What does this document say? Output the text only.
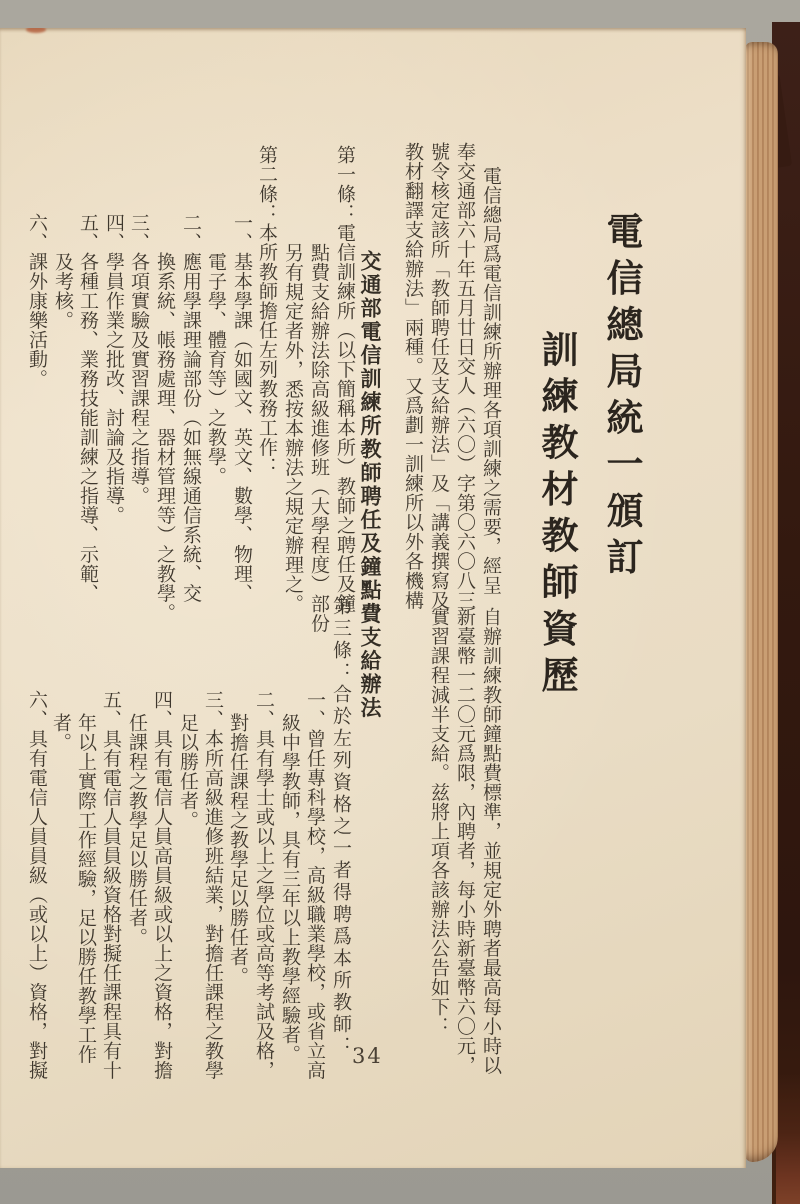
電信總局統一頒訂
訓練教材教師資歷
電信總局爲電信訓練所辦理各項訓練之需要，經呈
奉交通部六十年五月廿日交人（六〇）字第〇六〇八三
號令核定該所「教師聘任及支給辦法」及「講義撰寫及
教材翻譯支給辦法」兩種。又爲劃一訓練所以外各機構
交通部電信訓練所教師聘任及鐘點費支給辦法
第一條：電信訓練所（以下簡稱本所）教師之聘任及鐘
點費支給辦法除高級進修班（大學程度）部份
另有規定者外，悉按本辦法之規定辦理之。
第二條：本所教師擔任左列教務工作：
一、基本學課（如國文、英文、數學、物理、
電子學、體育等）之教學。
二、應用學課理論部份（如無線通信系統、交
換系統、帳務處理、器材管理等）之教學。
三、各項實驗及實習課程之指導。
四、學員作業之批改、討論及指導。
五、各種工務、業務技能訓練之指導、示範、
及考核。
六、課外康樂活動。
自辦訓練教師鐘點費標準，並規定外聘者最高每小時以
新臺幣一二〇元爲限，內聘者，每小時新臺幣六〇元，
實習課程減半支給。兹將上項各該辦法公告如下：
第三條：合於左列資格之一者得聘爲本所教師：
一、曾任專科學校，高級職業學校，或省立高
級中學教師，具有三年以上教學經驗者。
二、具有學士或以上之學位或高等考試及格，
對擔任課程之教學足以勝任者。
三、本所高級進修班結業，對擔任課程之教學
足以勝任者。
四、具有電信人員高員級或以上之資格，對擔
任課程之教學足以勝任者。
五、具有電信人員員級資格對擬任課程具有十
年以上實際工作經驗，足以勝任教學工作
者。
六、具有電信人員員級（或以上）資格，對擬	34
